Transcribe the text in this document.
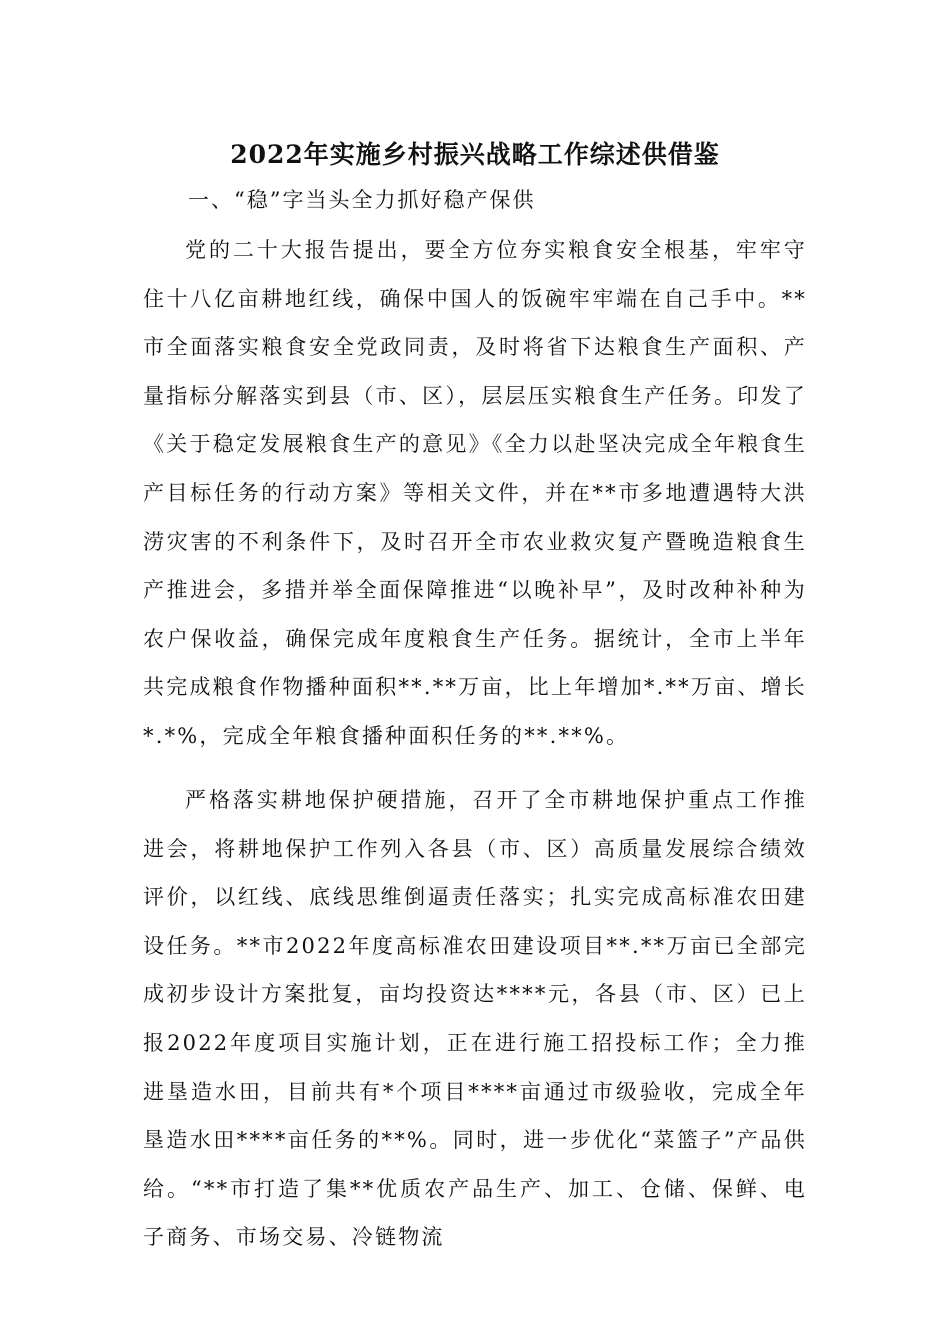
2022年实施乡村振兴战略工作综述供借鉴
一、“稳”字当头全力抓好稳产保供

党的二十大报告提出，要全方位夯实粮食安全根基，牢牢守住十八亿亩耕地红线，确保中国人的饭碗牢牢端在自己手中。**市全面落实粮食安全党政同责，及时将省下达粮食生产面积、产量指标分解落实到县（市、区），层层压实粮食生产任务。印发了《关于稳定发展粮食生产的意见》《全力以赴坚决完成全年粮食生产目标任务的行动方案》等相关文件，并在**市多地遭遇特大洪涝灾害的不利条件下，及时召开全市农业救灾复产暨晚造粮食生产推进会，多措并举全面保障推进“以晚补早”，及时改种补种为农户保收益，确保完成年度粮食生产任务。据统计，全市上半年共完成粮食作物播种面积**.**万亩，比上年增加*.**万亩、增长*.*%，完成全年粮食播种面积任务的**.**%。

严格落实耕地保护硬措施，召开了全市耕地保护重点工作推进会，将耕地保护工作列入各县（市、区）高质量发展综合绩效评价，以红线、底线思维倒逼责任落实；扎实完成高标准农田建设任务。**市2022年度高标准农田建设项目**.**万亩已全部完成初步设计方案批复，亩均投资达****元，各县（市、区）已上报2022年度项目实施计划，正在进行施工招投标工作；全力推进垦造水田，目前共有*个项目****亩通过市级验收，完成全年垦造水田****亩任务的**%。同时，进一步优化“菜篮子”产品供给。“**市打造了集**优质农产品生产、加工、仓储、保鲜、电子商务、市场交易、冷链物流
